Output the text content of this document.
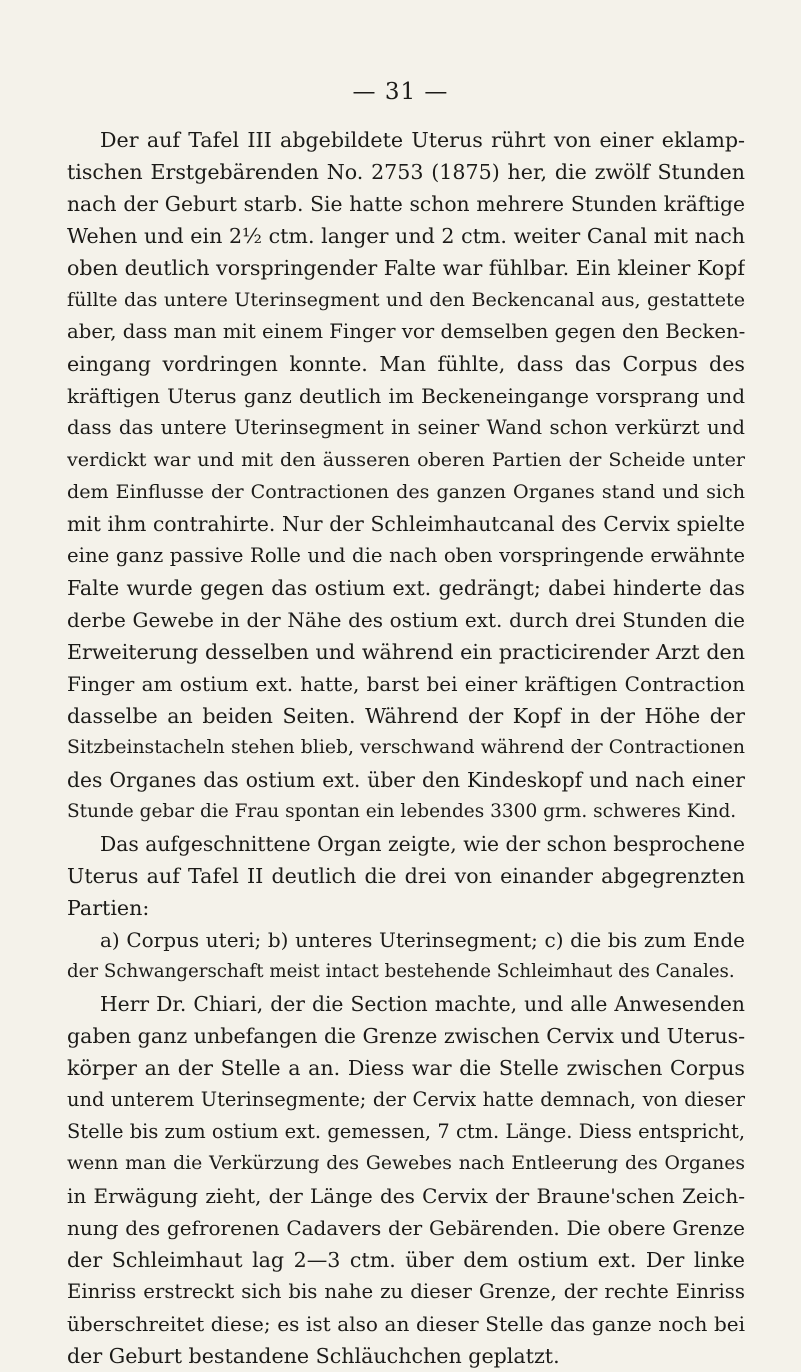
— 31 —
Der auf Tafel III abgebildete Uterus rührt von einer eklamp-
tischen Erstgebärenden No. 2753 (1875) her, die zwölf Stunden
nach der Geburt starb. Sie hatte schon mehrere Stunden kräftige
Wehen und ein 2½ ctm. langer und 2 ctm. weiter Canal mit nach
oben deutlich vorspringender Falte war fühlbar. Ein kleiner Kopf
füllte das untere Uterinsegment und den Beckencanal aus, gestattete
aber, dass man mit einem Finger vor demselben gegen den Becken-
eingang vordringen konnte. Man fühlte, dass das Corpus des
kräftigen Uterus ganz deutlich im Beckeneingange vorsprang und
dass das untere Uterinsegment in seiner Wand schon verkürzt und
verdickt war und mit den äusseren oberen Partien der Scheide unter
dem Einflusse der Contractionen des ganzen Organes stand und sich
mit ihm contrahirte. Nur der Schleimhautcanal des Cervix spielte
eine ganz passive Rolle und die nach oben vorspringende erwähnte
Falte wurde gegen das ostium ext. gedrängt; dabei hinderte das
derbe Gewebe in der Nähe des ostium ext. durch drei Stunden die
Erweiterung desselben und während ein practicirender Arzt den
Finger am ostium ext. hatte, barst bei einer kräftigen Contraction
dasselbe an beiden Seiten. Während der Kopf in der Höhe der
Sitzbeinstacheln stehen blieb, verschwand während der Contractionen
des Organes das ostium ext. über den Kindeskopf und nach einer
Stunde gebar die Frau spontan ein lebendes 3300 grm. schweres Kind.
Das aufgeschnittene Organ zeigte, wie der schon besprochene
Uterus auf Tafel II deutlich die drei von einander abgegrenzten
Partien:
a) Corpus uteri; b) unteres Uterinsegment; c) die bis zum Ende
der Schwangerschaft meist intact bestehende Schleimhaut des Canales.
Herr Dr. Chiari, der die Section machte, und alle Anwesenden
gaben ganz unbefangen die Grenze zwischen Cervix und Uterus-
körper an der Stelle a an. Diess war die Stelle zwischen Corpus
und unterem Uterinsegmente; der Cervix hatte demnach, von dieser
Stelle bis zum ostium ext. gemessen, 7 ctm. Länge. Diess entspricht,
wenn man die Verkürzung des Gewebes nach Entleerung des Organes
in Erwägung zieht, der Länge des Cervix der Braune'schen Zeich-
nung des gefrorenen Cadavers der Gebärenden. Die obere Grenze
der Schleimhaut lag 2—3 ctm. über dem ostium ext. Der linke
Einriss erstreckt sich bis nahe zu dieser Grenze, der rechte Einriss
überschreitet diese; es ist also an dieser Stelle das ganze noch bei
der Geburt bestandene Schläuchchen geplatzt.
